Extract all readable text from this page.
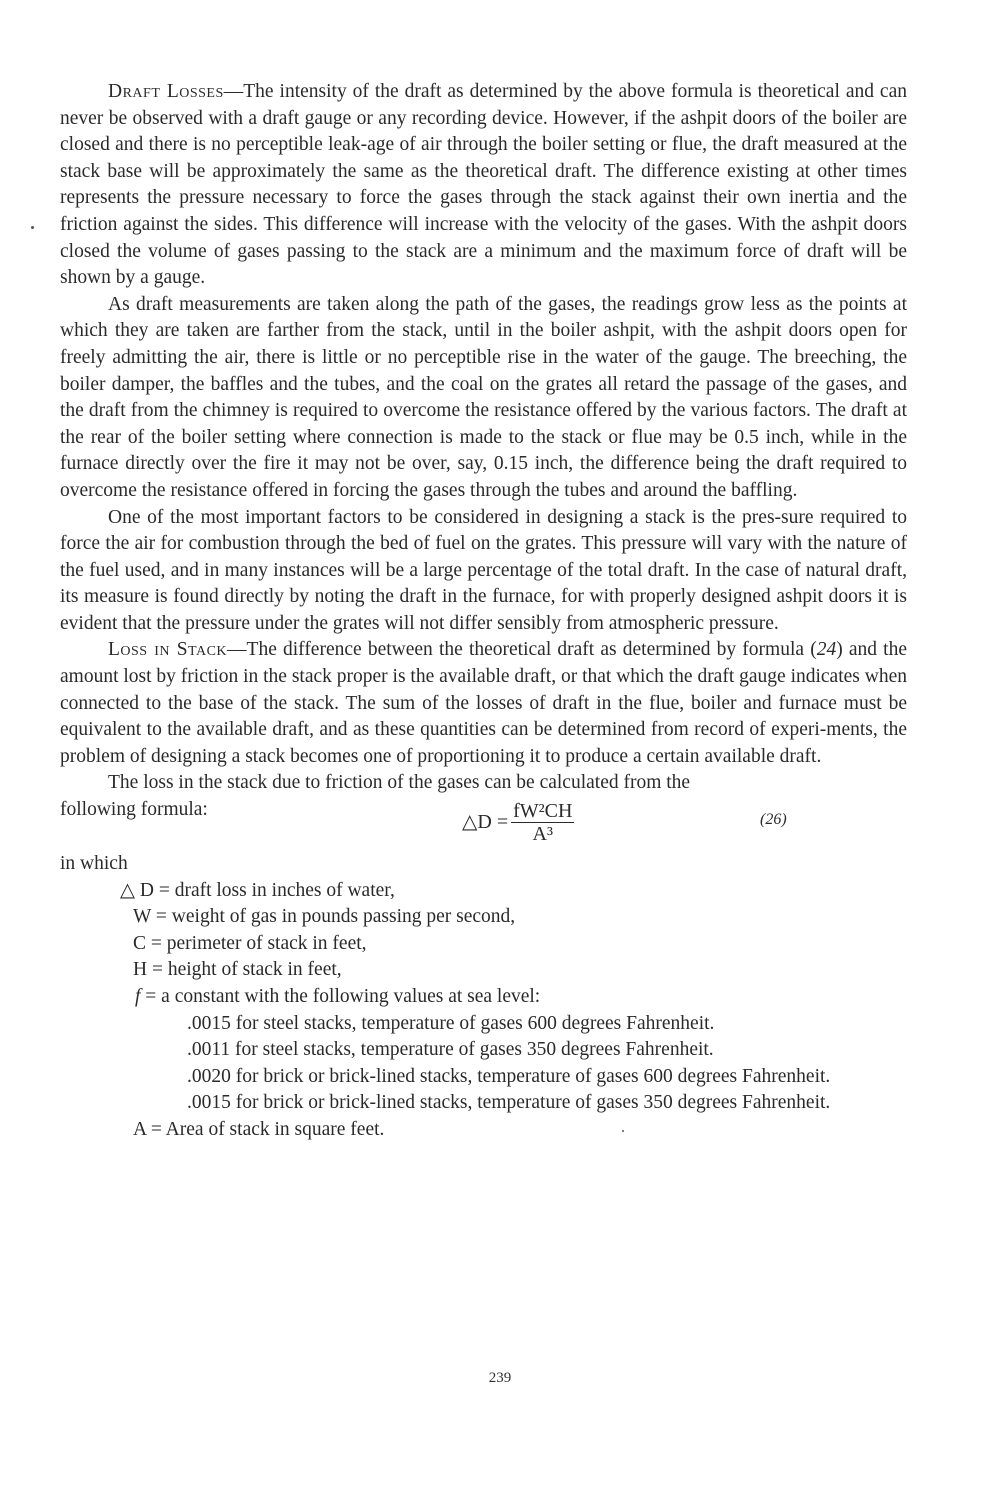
Draft Losses—The intensity of the draft as determined by the above formula is theoretical and can never be observed with a draft gauge or any recording device. However, if the ashpit doors of the boiler are closed and there is no perceptible leak-age of air through the boiler setting or flue, the draft measured at the stack base will be approximately the same as the theoretical draft. The difference existing at other times represents the pressure necessary to force the gases through the stack against their own inertia and the friction against the sides. This difference will increase with the velocity of the gases. With the ashpit doors closed the volume of gases passing to the stack are a minimum and the maximum force of draft will be shown by a gauge.

As draft measurements are taken along the path of the gases, the readings grow less as the points at which they are taken are farther from the stack, until in the boiler ashpit, with the ashpit doors open for freely admitting the air, there is little or no perceptible rise in the water of the gauge. The breeching, the boiler damper, the baffles and the tubes, and the coal on the grates all retard the passage of the gases, and the draft from the chimney is required to overcome the resistance offered by the various factors. The draft at the rear of the boiler setting where connection is made to the stack or flue may be 0.5 inch, while in the furnace directly over the fire it may not be over, say, 0.15 inch, the difference being the draft required to overcome the resistance offered in forcing the gases through the tubes and around the baffling.

One of the most important factors to be considered in designing a stack is the pres-sure required to force the air for combustion through the bed of fuel on the grates. This pressure will vary with the nature of the fuel used, and in many instances will be a large percentage of the total draft. In the case of natural draft, its measure is found directly by noting the draft in the furnace, for with properly designed ashpit doors it is evident that the pressure under the grates will not differ sensibly from atmospheric pressure.

Loss in Stack—The difference between the theoretical draft as determined by formula (24) and the amount lost by friction in the stack proper is the available draft, or that which the draft gauge indicates when connected to the base of the stack. The sum of the losses of draft in the flue, boiler and furnace must be equivalent to the available draft, and as these quantities can be determined from record of experi-ments, the problem of designing a stack becomes one of proportioning it to produce a certain available draft.

The loss in the stack due to friction of the gases can be calculated from the

following formula:
△D = $\frac{\text{fW²CH}}{\text{A³}}$	(26)

in which

△ D = draft loss in inches of water,

W = weight of gas in pounds passing per second,

C = perimeter of stack in feet,

H = height of stack in feet,

f = a constant with the following values at sea level:

.0015 for steel stacks, temperature of gases 600 degrees Fahrenheit.

.0011 for steel stacks, temperature of gases 350 degrees Fahrenheit.

.0020 for brick or brick-lined stacks, temperature of gases 600 degrees Fahrenheit.

.0015 for brick or brick-lined stacks, temperature of gases 350 degrees Fahrenheit.

A = Area of stack in square feet.

239
